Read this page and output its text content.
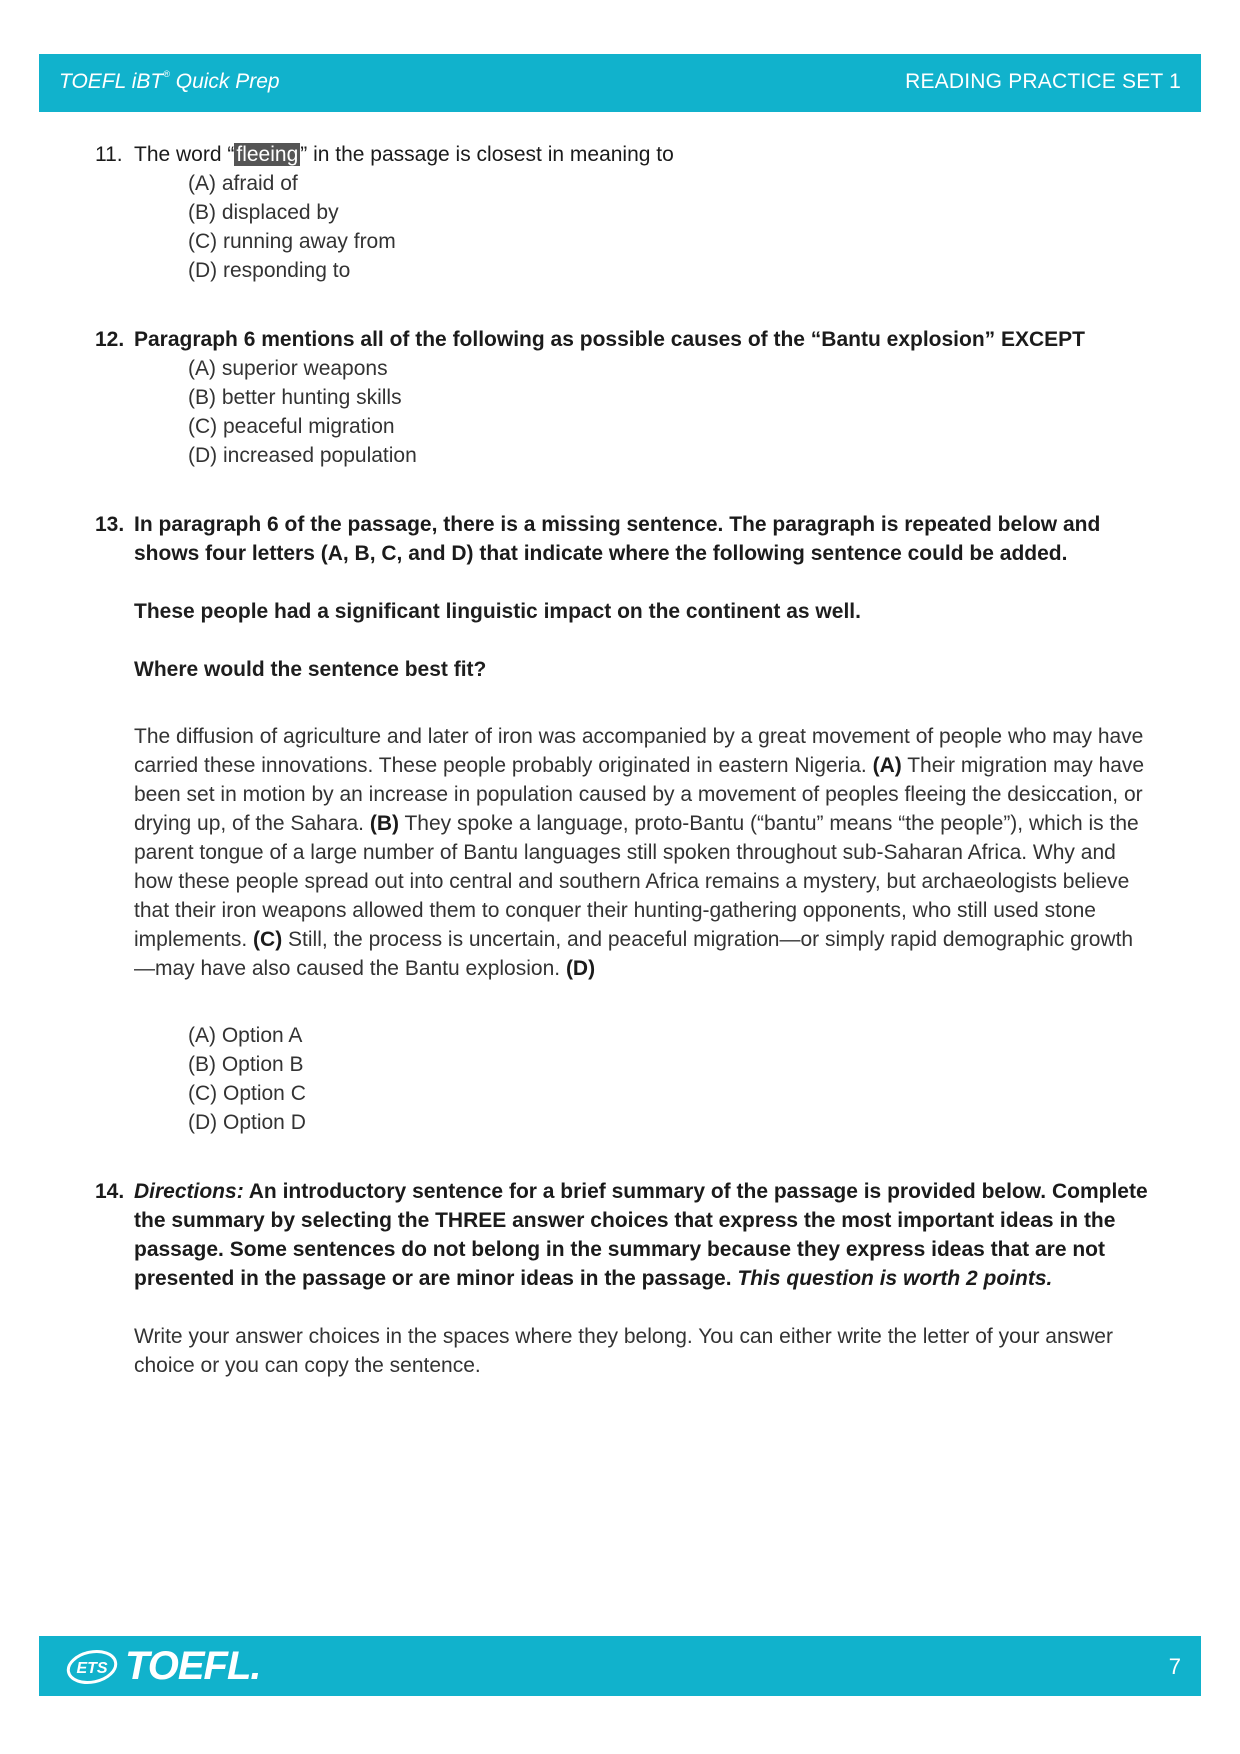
TOEFL iBT® Quick Prep	READING PRACTICE SET 1
11. The word “fleeing” in the passage is closest in meaning to
(A) afraid of
(B) displaced by
(C) running away from
(D) responding to
12. Paragraph 6 mentions all of the following as possible causes of the “Bantu explosion” EXCEPT
(A) superior weapons
(B) better hunting skills
(C) peaceful migration
(D) increased population
13. In paragraph 6 of the passage, there is a missing sentence. The paragraph is repeated below and shows four letters (A, B, C, and D) that indicate where the following sentence could be added.
These people had a significant linguistic impact on the continent as well.
Where would the sentence best fit?
The diffusion of agriculture and later of iron was accompanied by a great movement of people who may have carried these innovations. These people probably originated in eastern Nigeria. (A) Their migration may have been set in motion by an increase in population caused by a movement of peoples fleeing the desiccation, or drying up, of the Sahara. (B) They spoke a language, proto-Bantu (“bantu” means “the people”), which is the parent tongue of a large number of Bantu languages still spoken throughout sub-Saharan Africa. Why and how these people spread out into central and southern Africa remains a mystery, but archaeologists believe that their iron weapons allowed them to conquer their hunting-gathering opponents, who still used stone implements. (C) Still, the process is uncertain, and peaceful migration—or simply rapid demographic growth—may have also caused the Bantu explosion. (D)
(A) Option A
(B) Option B
(C) Option C
(D) Option D
14. Directions: An introductory sentence for a brief summary of the passage is provided below. Complete the summary by selecting the THREE answer choices that express the most important ideas in the passage. Some sentences do not belong in the summary because they express ideas that are not presented in the passage or are minor ideas in the passage. This question is worth 2 points.
Write your answer choices in the spaces where they belong. You can either write the letter of your answer choice or you can copy the sentence.
ETS TOEFL.	7
